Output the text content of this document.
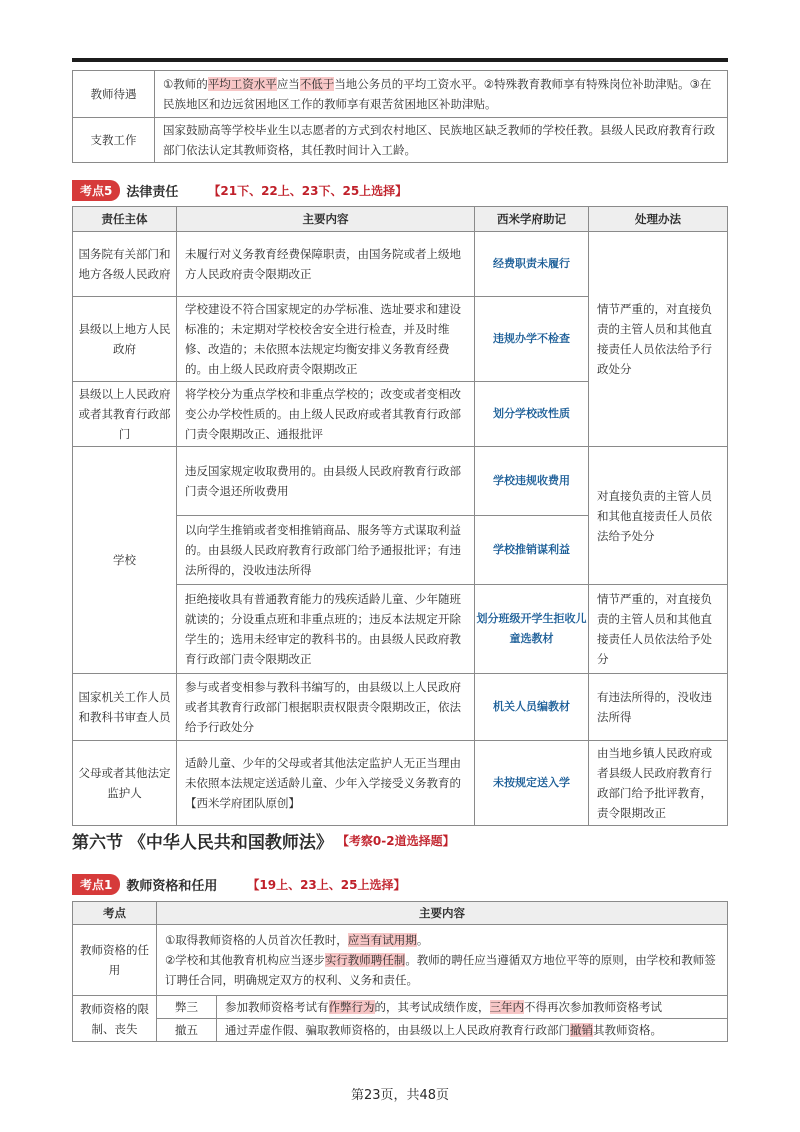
教师待遇	①教师的平均工资水平应当不低于当地公务员的平均工资水平。②特殊教育教师享有特殊岗位补助津贴。③在民族地区和边远贫困地区工作的教师享有艰苦贫困地区补助津贴。
支教工作	国家鼓励高等学校毕业生以志愿者的方式到农村地区、民族地区缺乏教师的学校任教。县级人民政府教育行政部门依法认定其教师资格，其任教时间计入工龄。
考点5	法律责任	【21下、22上、23下、25上选择】
责任主体	主要内容	西米学府助记	处理办法
国务院有关部门和地方各级人民政府	未履行对义务教育经费保障职责，由国务院或者上级地方人民政府责令限期改正	经费职责未履行	情节严重的，对直接负责的主管人员和其他直接责任人员依法给予行政处分
县级以上地方人民政府	学校建设不符合国家规定的办学标准、选址要求和建设标准的；未定期对学校校舍安全进行检查，并及时维修、改造的；未依照本法规定均衡安排义务教育经费的。由上级人民政府责令限期改正	违规办学不检查	
县级以上人民政府或者其教育行政部门	将学校分为重点学校和非重点学校的；改变或者变相改变公办学校性质的。由上级人民政府或者其教育行政部门责令限期改正、通报批评	划分学校改性质	
学校	违反国家规定收取费用的。由县级人民政府教育行政部门责令退还所收费用	学校违规收费用	对直接负责的主管人员和其他直接责任人员依法给予处分
	以向学生推销或者变相推销商品、服务等方式谋取利益的。由县级人民政府教育行政部门给予通报批评；有违法所得的，没收违法所得	学校推销谋利益	
	拒绝接收具有普通教育能力的残疾适龄儿童、少年随班就读的；分设重点班和非重点班的；违反本法规定开除学生的；选用未经审定的教科书的。由县级人民政府教育行政部门责令限期改正	划分班级开学生拒收儿童选教材	情节严重的，对直接负责的主管人员和其他直接责任人员依法给予处分
国家机关工作人员和教科书审查人员	参与或者变相参与教科书编写的，由县级以上人民政府或者其教育行政部门根据职责权限责令限期改正，依法给予行政处分	机关人员编教材	有违法所得的，没收违法所得
父母或者其他法定监护人	适龄儿童、少年的父母或者其他法定监护人无正当理由未依照本法规定送适龄儿童、少年入学接受义务教育的【西米学府团队原创】	未按规定送入学	由当地乡镇人民政府或者县级人民政府教育行政部门给予批评教育，责令限期改正
第六节 《中华人民共和国教师法》 【考察0-2道选择题】
考点1	教师资格和任用	【19上、23上、25上选择】
考点	主要内容	
教师资格的任用	①取得教师资格的人员首次任教时，应当有试用期。
②学校和其他教育机构应当逐步实行教师聘任制。教师的聘任应当遵循双方地位平等的原则，由学校和教师签订聘任合同，明确规定双方的权利、义务和责任。	

教师资格的限制、丧失	弊三	参加教师资格考试有作弊行为的，其考试成绩作废，三年内不得再次参加教师资格考试
	撤五	通过弄虚作假、骗取教师资格的，由县级以上人民政府教育行政部门撤销其教师资格。
第23页，共48页
